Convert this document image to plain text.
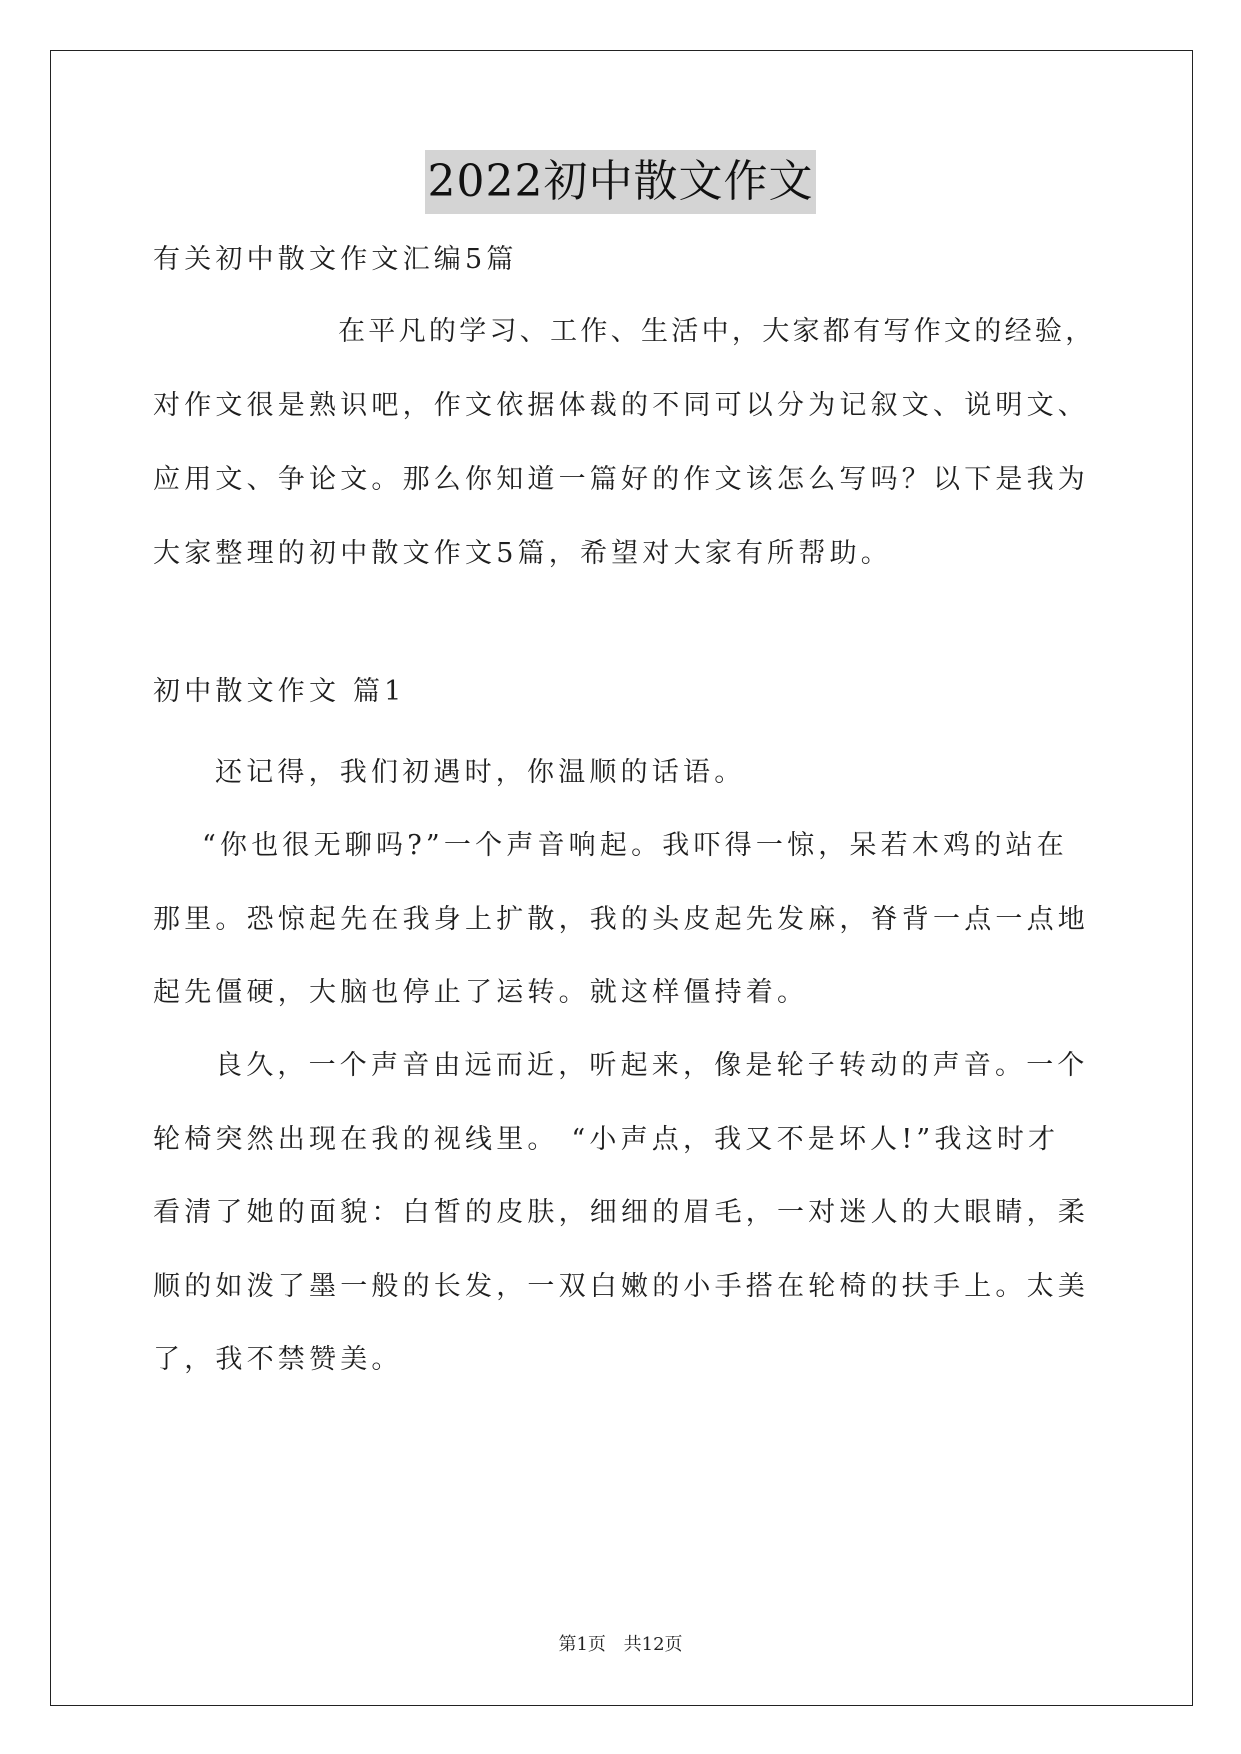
2022初中散文作文
有关初中散文作文汇编5篇
在平凡的学习、工作、生活中，大家都有写作文的经验，
对作文很是熟识吧，作文依据体裁的不同可以分为记叙文、说明文、
应用文、争论文。那么你知道一篇好的作文该怎么写吗？以下是我为
大家整理的初中散文作文5篇，希望对大家有所帮助。
初中散文作文 篇1
还记得，我们初遇时，你温顺的话语。
“你也很无聊吗?”一个声音响起。我吓得一惊，呆若木鸡的站在
那里。恐惊起先在我身上扩散，我的头皮起先发麻，脊背一点一点地
起先僵硬，大脑也停止了运转。就这样僵持着。
良久，一个声音由远而近，听起来，像是轮子转动的声音。一个
轮椅突然出现在我的视线里。 “小声点，我又不是坏人!”我这时才
看清了她的面貌：白皙的皮肤，细细的眉毛，一对迷人的大眼睛，柔
顺的如泼了墨一般的长发，一双白嫩的小手搭在轮椅的扶手上。太美
了，我不禁赞美。
第1页 共12页
